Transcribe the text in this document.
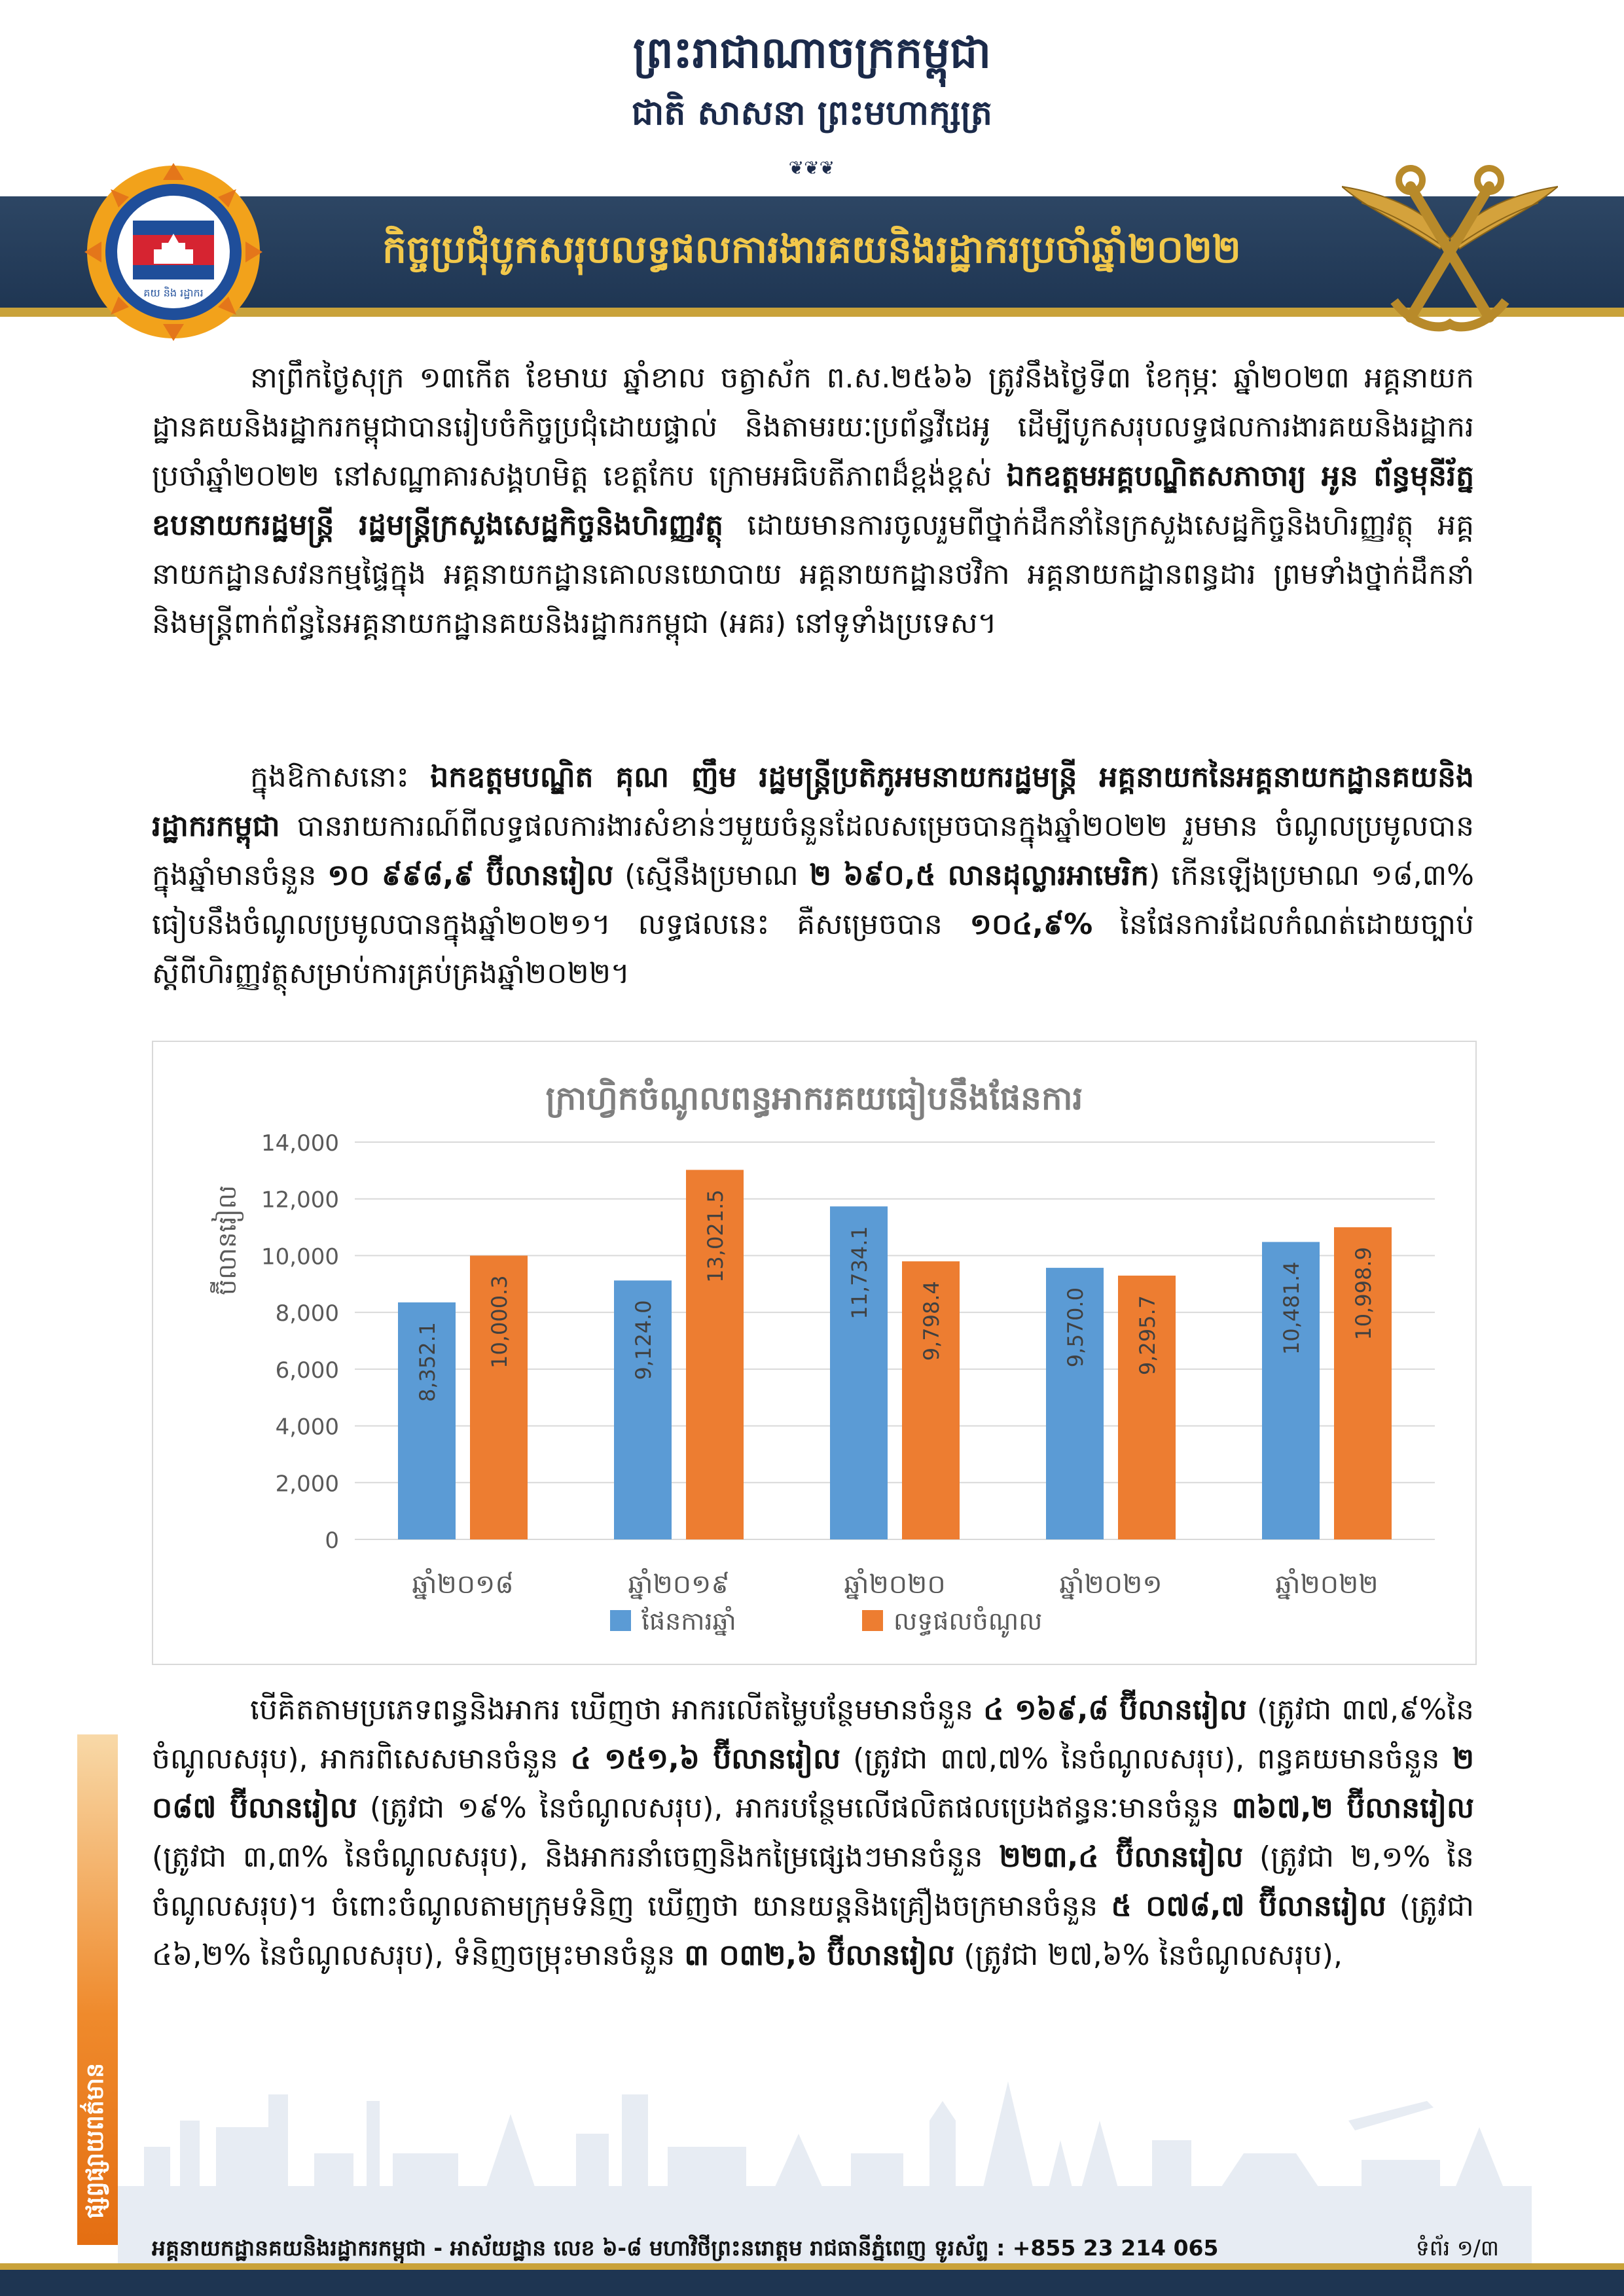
ព្រះរាជាណាចក្រកម្ពុជា
ជាតិ សាសនា ព្រះមហាក្សត្រ
❦❦❦
កិច្ចប្រជុំបូកសរុបលទ្ធផលការងារគយនិងរដ្ឋាករប្រចាំឆ្នាំ២០២២
គយ និង រដ្ឋាករ

នាព្រឹកថ្ងៃសុក្រ ១៣កើត ខែមាឃ ឆ្នាំខាល ចត្វាស័ក ព.ស.២៥៦៦ ត្រូវនឹងថ្ងៃទី៣ ខែកុម្ភៈ ឆ្នាំ២០២៣ អគ្គនាយកដ្ឋានគយនិងរដ្ឋាករកម្ពុជាបានរៀបចំកិច្ចប្រជុំដោយផ្ទាល់ និងតាមរយៈប្រព័ន្ធវីដេអូ ដើម្បីបូកសរុបលទ្ធផលការងារគយនិងរដ្ឋាករប្រចាំឆ្នាំ២០២២ នៅសណ្ឋាគារសង្គហមិត្ត ខេត្តកែប ក្រោមអធិបតីភាពដ៏ខ្ពង់ខ្ពស់ ឯកឧត្តមអគ្គបណ្ឌិតសភាចារ្យ អូន ព័ន្ធមុនីរ័ត្ន ឧបនាយករដ្ឋមន្ត្រី រដ្ឋមន្ត្រីក្រសួងសេដ្ឋកិច្ចនិងហិរញ្ញវត្ថុ ដោយមានការចូលរួមពីថ្នាក់ដឹកនាំនៃក្រសួងសេដ្ឋកិច្ចនិងហិរញ្ញវត្ថុ អគ្គនាយកដ្ឋានសវនកម្មផ្ទៃក្នុង អគ្គនាយកដ្ឋានគោលនយោបាយ អគ្គនាយកដ្ឋានថវិកា អគ្គនាយកដ្ឋានពន្ធដារ ព្រមទាំងថ្នាក់ដឹកនាំនិងមន្ត្រីពាក់ព័ន្ធនៃអគ្គនាយកដ្ឋានគយនិងរដ្ឋាករកម្ពុជា (អគរ) នៅទូទាំងប្រទេស។

ក្នុងឱកាសនោះ ឯកឧត្តមបណ្ឌិត គុណ ញឹម រដ្ឋមន្ត្រីប្រតិភូអមនាយករដ្ឋមន្ត្រី អគ្គនាយកនៃអគ្គនាយកដ្ឋានគយនិងរដ្ឋាករកម្ពុជា បានរាយការណ៍ពីលទ្ធផលការងារសំខាន់ៗមួយចំនួនដែលសម្រេចបានក្នុងឆ្នាំ២០២២ រួមមាន ចំណូលប្រមូលបានក្នុងឆ្នាំមានចំនួន ១០ ៩៩៨,៩ ប៊ីលានរៀល (ស្មើនឹងប្រមាណ ២ ៦៩០,៥ លានដុល្លារអាមេរិក) កើនឡើងប្រមាណ ១៨,៣% ធៀបនឹងចំណូលប្រមូលបានក្នុងឆ្នាំ២០២១។ លទ្ធផលនេះ គឺសម្រេចបាន ១០៤,៩% នៃផែនការដែលកំណត់ដោយច្បាប់ស្តីពីហិរញ្ញវត្ថុសម្រាប់ការគ្រប់គ្រងឆ្នាំ២០២២។

ក្រាហ្វិកចំណូលពន្ធអាករគយធៀបនឹងផែនការ
ប៊ីលានរៀល
0
2,000
4,000
6,000
8,000
10,000
12,000
14,000
8,352.1 10,000.3
ឆ្នាំ២០១៨
9,124.0
13,021.5
ឆ្នាំ២០១៩
11,734.1
9,798.4
ឆ្នាំ២០២០
9,570.0 9,295.7
ឆ្នាំ២០២១
10,481.4 10,998.9
ឆ្នាំ២០២២
ផែនការឆ្នាំ	លទ្ធផលចំណូល

បើគិតតាមប្រភេទពន្ធនិងអាករ ឃើញថា អាករលើតម្លៃបន្ថែមមានចំនួន ៤ ១៦៩,៨ ប៊ីលានរៀល (ត្រូវជា ៣៧,៩%នៃចំណូលសរុប), អាករពិសេសមានចំនួន ៤ ១៥១,៦ ប៊ីលានរៀល (ត្រូវជា ៣៧,៧% នៃចំណូលសរុប), ពន្ធគយមានចំនួន ២ ០៨៧ ប៊ីលានរៀល (ត្រូវជា ១៩% នៃចំណូលសរុប), អាករបន្ថែមលើផលិតផលប្រេងឥន្ធនៈមានចំនួន ៣៦៧,២ ប៊ីលានរៀល (ត្រូវជា ៣,៣% នៃចំណូលសរុប), និងអាករនាំចេញនិងកម្រៃផ្សេងៗមានចំនួន ២២៣,៤ ប៊ីលានរៀល (ត្រូវជា ២,១% នៃចំណូលសរុប)។ ចំពោះចំណូលតាមក្រុមទំនិញ ឃើញថា យានយន្តនិងគ្រឿងចក្រមានចំនួន ៥ ០៧៨,៧ ប៊ីលានរៀល (ត្រូវជា ៤៦,២% នៃចំណូលសរុប), ទំនិញចម្រុះមានចំនួន ៣ ០៣២,៦ ប៊ីលានរៀល (ត្រូវជា ២៧,៦% នៃចំណូលសរុប),

ផ្សព្វផ្សាយពត៌មាន
អគ្គនាយកដ្ឋានគយនិងរដ្ឋាករកម្ពុជា - អាស័យដ្ឋាន លេខ ៦-៨ មហាវិថីព្រះនរោត្តម រាជធានីភ្នំពេញ ទូរស័ព្ទ : +855 23 214 065	ទំព័រ ១/៣
